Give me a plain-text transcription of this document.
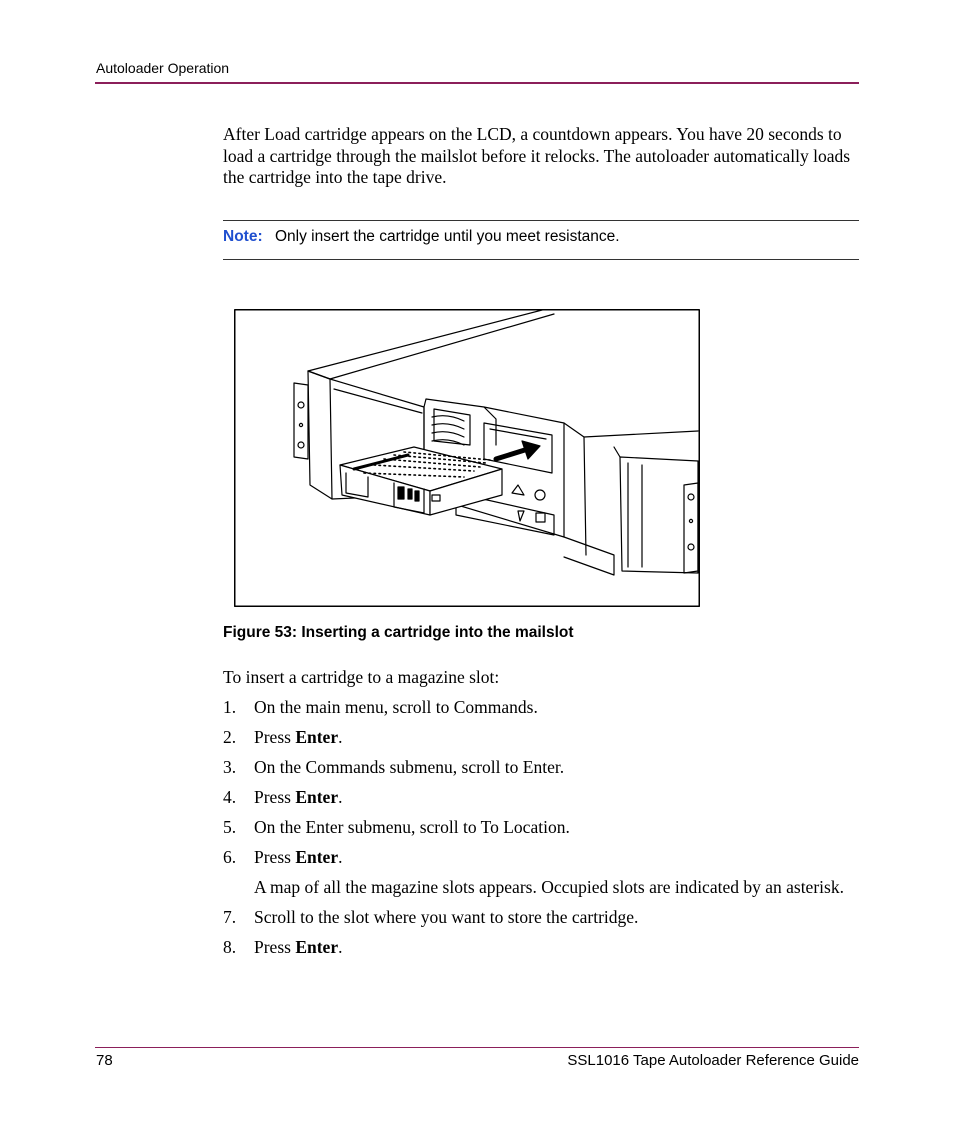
Autoloader Operation

After Load cartridge appears on the LCD, a countdown appears. You have 20 seconds to load a cartridge through the mailslot before it relocks. The autoloader automatically loads the cartridge into the tape drive.

Note: Only insert the cartridge until you meet resistance.
Figure 53: Inserting a cartridge into the mailslot
To insert a cartridge to a magazine slot:
1. On the main menu, scroll to Commands.
2. Press Enter.
3. On the Commands submenu, scroll to Enter.
4. Press Enter.
5. On the Enter submenu, scroll to To Location.
6. Press Enter.
A map of all the magazine slots appears. Occupied slots are indicated by an asterisk.
7. Scroll to the slot where you want to store the cartridge.
8. Press Enter.
78	SSL1016 Tape Autoloader Reference Guide
